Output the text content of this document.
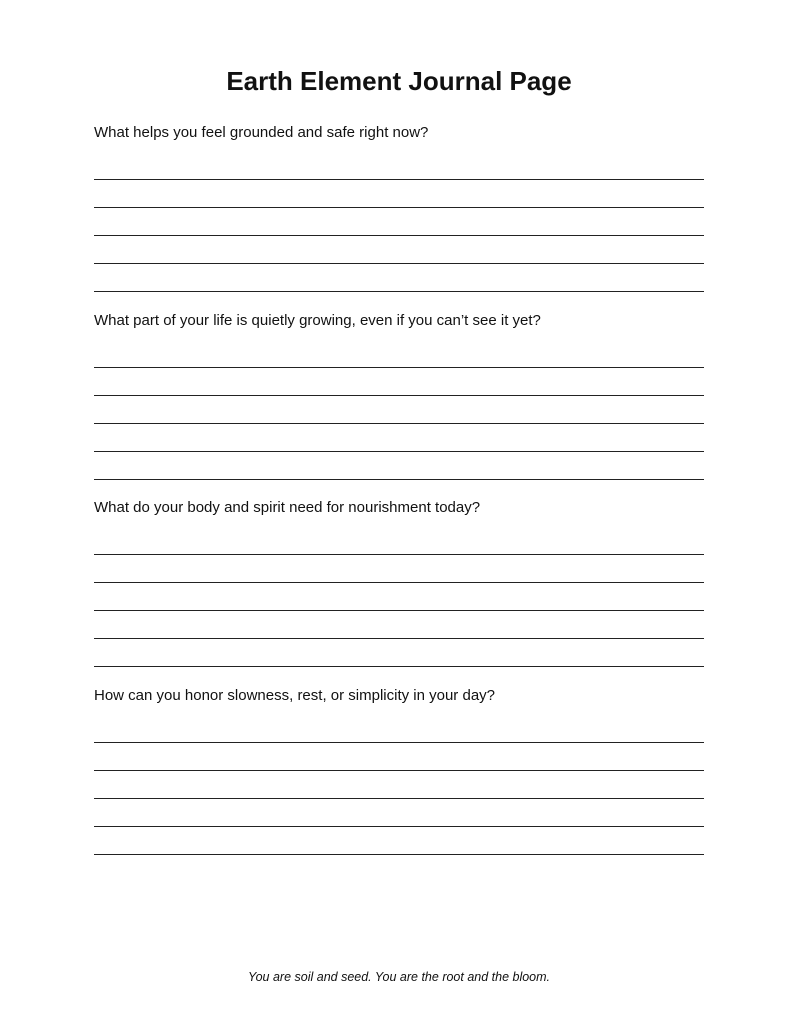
Earth Element Journal Page

What helps you feel grounded and safe right now?

What part of your life is quietly growing, even if you can’t see it yet?

What do your body and spirit need for nourishment today?

How can you honor slowness, rest, or simplicity in your day?

You are soil and seed. You are the root and the bloom.
